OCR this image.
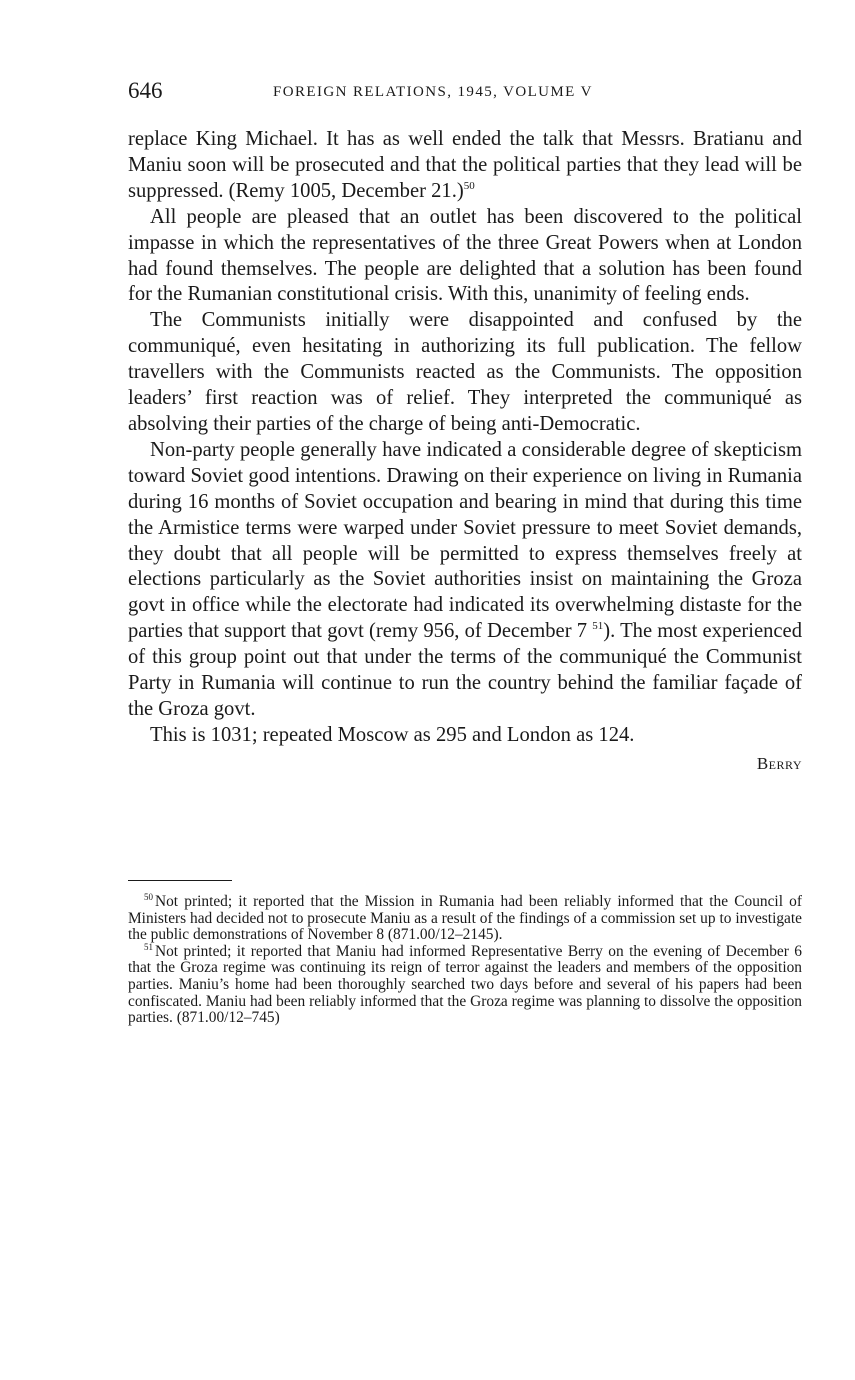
646	FOREIGN RELATIONS, 1945, VOLUME V

replace King Michael. It has as well ended the talk that Messrs. Bratianu and Maniu soon will be prosecuted and that the political parties that they lead will be suppressed. (Remy 1005, December 21.)$^{50}$

All people are pleased that an outlet has been discovered to the political impasse in which the representatives of the three Great Powers when at London had found themselves. The people are delighted that a solution has been found for the Rumanian constitutional crisis. With this, unanimity of feeling ends.

The Communists initially were disappointed and confused by the communiqué, even hesitating in authorizing its full publication. The fellow travellers with the Communists reacted as the Communists. The opposition leaders’ first reaction was of relief. They interpreted the communiqué as absolving their parties of the charge of being anti-Democratic.

Non-party people generally have indicated a considerable degree of skepticism toward Soviet good intentions. Drawing on their experience on living in Rumania during 16 months of Soviet occupation and bearing in mind that during this time the Armistice terms were warped under Soviet pressure to meet Soviet demands, they doubt that all people will be permitted to express themselves freely at elections particularly as the Soviet authorities insist on maintaining the Groza govt in office while the electorate had indicated its overwhelming distaste for the parties that support that govt (remy 956, of December 7 $^{51}$). The most experienced of this group point out that under the terms of the communiqué the Communist Party in Rumania will continue to run the country behind the familiar façade of the Groza govt.

This is 1031; repeated Moscow as 295 and London as 124.

Berry

$^{50}$ Not printed; it reported that the Mission in Rumania had been reliably informed that the Council of Ministers had decided not to prosecute Maniu as a result of the findings of a commission set up to investigate the public demonstrations of November 8 (871.00/12–2145).

$^{51}$ Not printed; it reported that Maniu had informed Representative Berry on the evening of December 6 that the Groza regime was continuing its reign of terror against the leaders and members of the opposition parties. Maniu’s home had been thoroughly searched two days before and several of his papers had been confiscated. Maniu had been reliably informed that the Groza regime was planning to dissolve the opposition parties. (871.00/12–745)
